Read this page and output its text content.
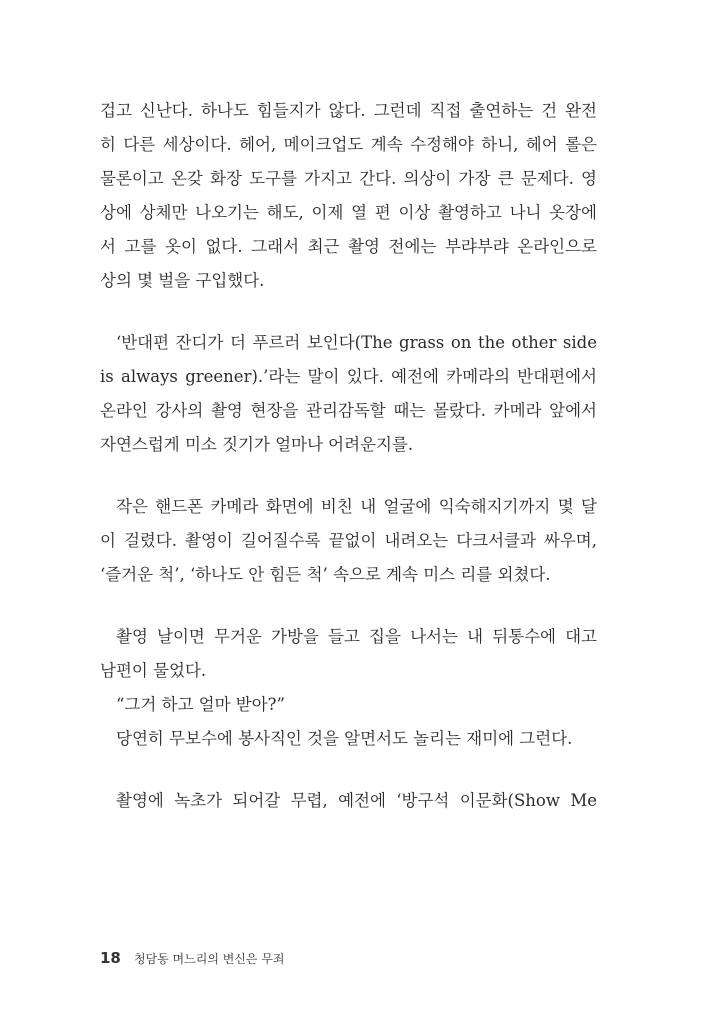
겁고 신난다. 하나도 힘들지가 않다. 그런데 직접 출연하는 건 완전
히 다른 세상이다. 헤어, 메이크업도 계속 수정해야 하니, 헤어 롤은
물론이고 온갖 화장 도구를 가지고 간다. 의상이 가장 큰 문제다. 영
상에 상체만 나오기는 해도, 이제 열 편 이상 촬영하고 나니 옷장에
서 고를 옷이 없다. 그래서 최근 촬영 전에는 부랴부랴 온라인으로
상의 몇 벌을 구입했다.
‘반대편 잔디가 더 푸르러 보인다(The grass on the other side
is always greener).’라는 말이 있다. 예전에 카메라의 반대편에서
온라인 강사의 촬영 현장을 관리감독할 때는 몰랐다. 카메라 앞에서
자연스럽게 미소 짓기가 얼마나 어려운지를.
작은 핸드폰 카메라 화면에 비친 내 얼굴에 익숙해지기까지 몇 달
이 걸렸다. 촬영이 길어질수록 끝없이 내려오는 다크서클과 싸우며,
‘즐거운 척’, ‘하나도 안 힘든 척’ 속으로 계속 미스 리를 외쳤다.
촬영 날이면 무거운 가방을 들고 집을 나서는 내 뒤통수에 대고
남편이 물었다.
“그거 하고 얼마 받아?”
당연히 무보수에 봉사직인 것을 알면서도 놀리는 재미에 그런다.
촬영에 녹초가 되어갈 무렵, 예전에 ‘방구석 이문화(Show Me
18 청담동 며느리의 변신은 무죄
